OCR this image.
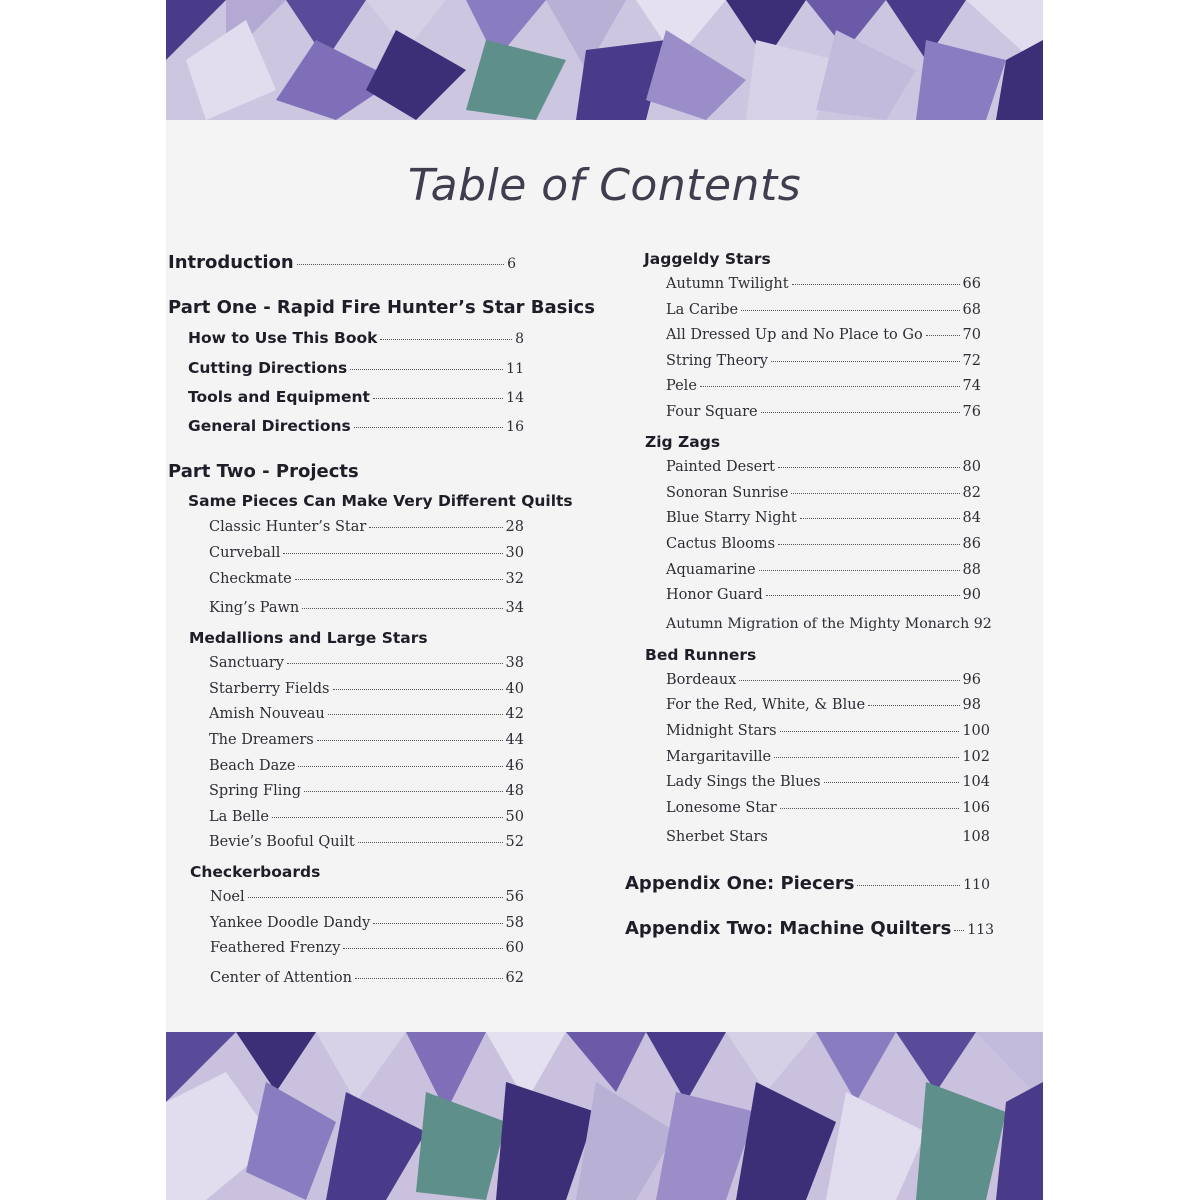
Table of Contents
Introduction	6
Part One - Rapid Fire Hunter’s Star Basics
How to Use This Book	8
Cutting Directions	11
Tools and Equipment	14
General Directions	16
Part Two - Projects
Same Pieces Can Make Very Different Quilts
Classic Hunter’s Star	28
Curveball	30
Checkmate	32
King’s Pawn	34
Medallions and Large Stars
Sanctuary	38
Starberry Fields	40
Amish Nouveau	42
The Dreamers	44
Beach Daze	46
Spring Fling	48
La Belle	50
Bevie’s Booful Quilt	52
Checkerboards
Noel	56
Yankee Doodle Dandy	58
Feathered Frenzy	60
Center of Attention	62
Jaggeldy Stars
Autumn Twilight	66
La Caribe	68
All Dressed Up and No Place to Go	70
String Theory	72
Pele	74
Four Square	76
Zig Zags
Painted Desert	80
Sonoran Sunrise	82
Blue Starry Night	84
Cactus Blooms	86
Aquamarine	88
Honor Guard	90
Autumn Migration of the Mighty Monarch 92
Bed Runners
Bordeaux	96
For the Red, White, & Blue	98
Midnight Stars	100
Margaritaville	102
Lady Sings the Blues	104
Lonesome Star	106
Sherbet Stars	108
Appendix One: Piecers	110
Appendix Two: Machine Quilters 113
